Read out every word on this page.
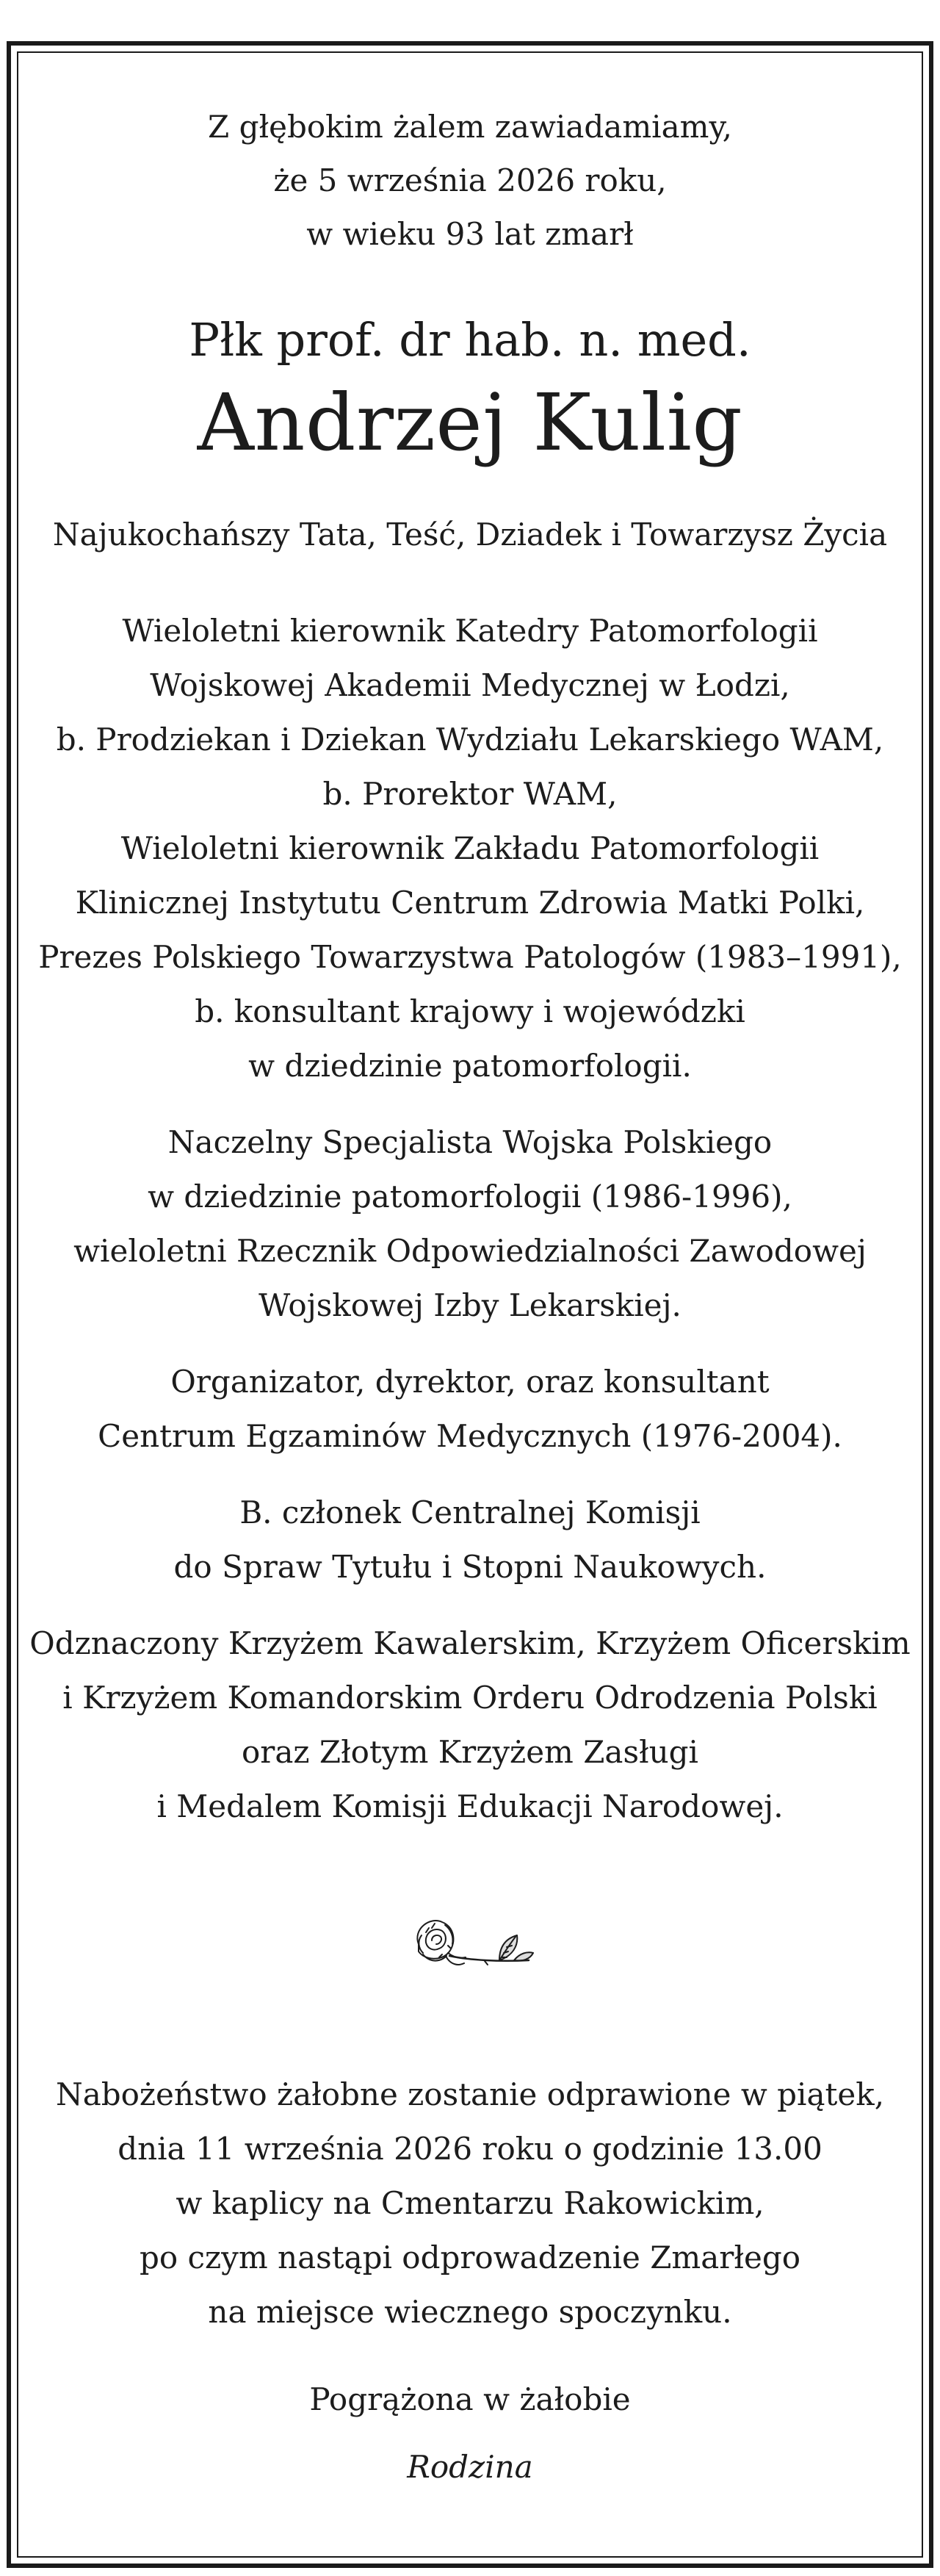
Z głębokim żalem zawiadamiamy,
że 5 września 2026 roku,
w wieku 93 lat zmarł

Płk prof. dr hab. n. med.

Andrzej Kulig

Najukochańszy Tata, Teść, Dziadek i Towarzysz Życia

Wieloletni kierownik Katedry Patomorfologii
Wojskowej Akademii Medycznej w Łodzi,
b. Prodziekan i Dziekan Wydziału Lekarskiego WAM,
b. Prorektor WAM,
Wieloletni kierownik Zakładu Patomorfologii
Klinicznej Instytutu Centrum Zdrowia Matki Polki,
Prezes Polskiego Towarzystwa Patologów (1983–1991),
b. konsultant krajowy i wojewódzki
w dziedzinie patomorfologii.

Naczelny Specjalista Wojska Polskiego
w dziedzinie patomorfologii (1986-1996),
wieloletni Rzecznik Odpowiedzialności Zawodowej
Wojskowej Izby Lekarskiej.

Organizator, dyrektor, oraz konsultant
Centrum Egzaminów Medycznych (1976-2004).

B. członek Centralnej Komisji
do Spraw Tytułu i Stopni Naukowych.

Odznaczony Krzyżem Kawalerskim, Krzyżem Oficerskim
i Krzyżem Komandorskim Orderu Odrodzenia Polski
oraz Złotym Krzyżem Zasługi
i Medalem Komisji Edukacji Narodowej.

Nabożeństwo żałobne zostanie odprawione w piątek,
dnia 11 września 2026 roku o godzinie 13.00
w kaplicy na Cmentarzu Rakowickim,
po czym nastąpi odprowadzenie Zmarłego
na miejsce wiecznego spoczynku.

Pogrążona w żałobie

Rodzina
